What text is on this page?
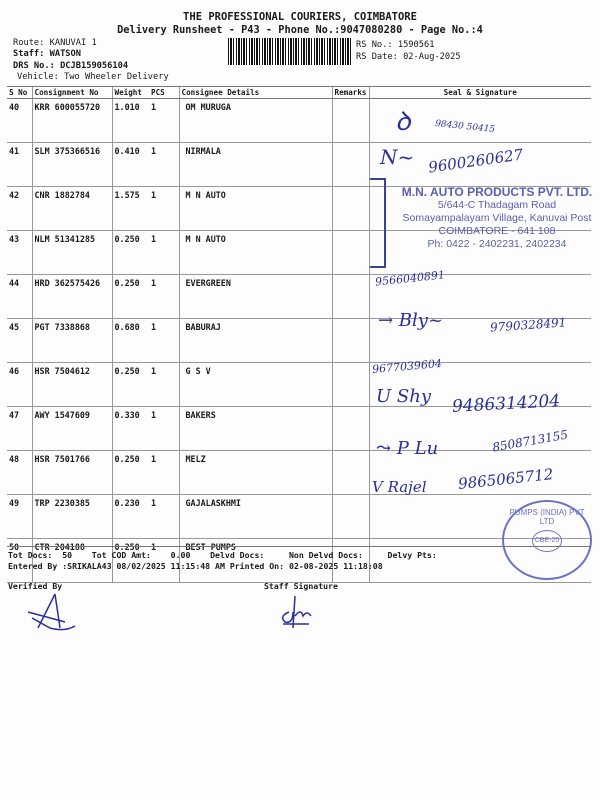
THE PROFESSIONAL COURIERS, COIMBATORE
Delivery Runsheet - P43 - Phone No.:9047080280 - Page No.:4
Route: KANUVAI 1
Staff: WATSON
DRS No.: DCJB159056104
Vehicle: Two Wheeler Delivery
RS No.: 1590561
RS Date: 02-Aug-2025
S No	Consignment No	Weight	PCS	Consignee Details	Remarks	Seal & Signature
40	KRR 600055720	1.010	1	OM MURUGA		
41	SLM 375366516	0.410	1	NIRMALA		
42	CNR 1882784	1.575	1	M N AUTO		
43	NLM 51341285	0.250	1	M N AUTO		
44	HRD 362575426	0.250	1	EVERGREEN		
45	PGT 7338868	0.680	1	BABURAJ		
46	HSR 7504612	0.250	1	G S V		
47	AWY 1547609	0.330	1	BAKERS		
48	HSR 7501766	0.250	1	MELZ		
49	TRP 2230385	0.230	1	GAJALASKHMI		
50	CTR 204188	0.250	1	BEST PUMPS		
ꝺ	98430 50415
N~ 9600260627
M.N. AUTO PRODUCTS PVT. LTD.
5/644-C Thadagam Road
Somayampalayam Village, Kanuvai Post
COIMBATORE - 641 108
Ph: 0422 - 2402231, 2402234
9566040891
→ Bly~	9790328491
9677039604
U Shy 9486314204
⤳ P Lu	8508713155
V Rajel 9865065712
PUMPS (INDIA) PVT LTD
CBE-25
Tot Docs:  50    Tot COD Amt:    0.00    Delvd Docs:     Non Delvd Docs:     Delvy Pts:
Entered By :SRIKALA43 08/02/2025 11:15:48 AM Printed On: 02-08-2025 11:18:08
Verified By	Staff Signature
